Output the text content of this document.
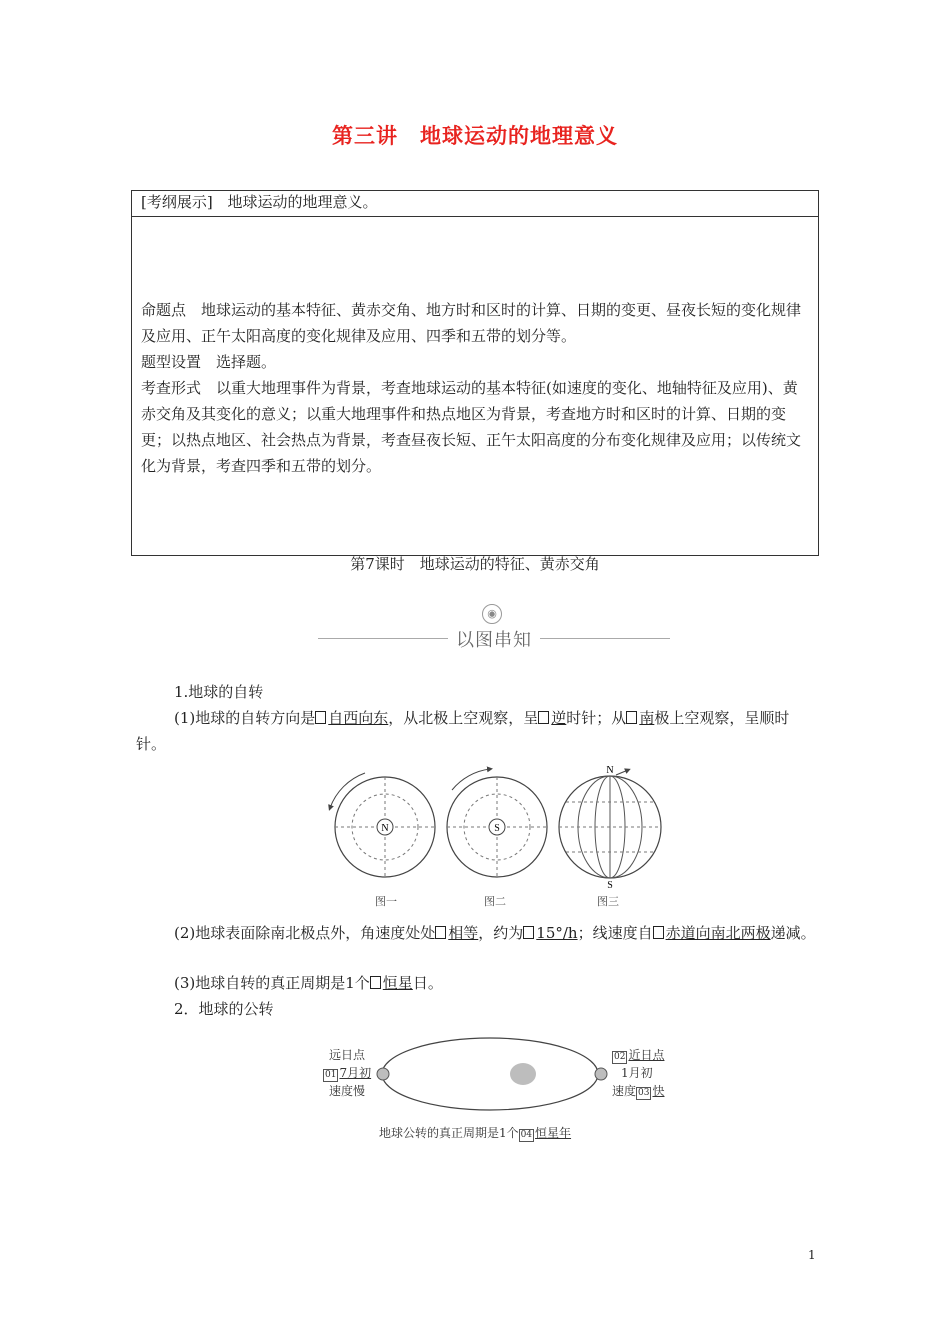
第三讲　地球运动的地理意义
[考纲展示] 地球运动的地理意义。

命题点　 地球运动的基本特征、黄赤交角、地方时和区时的计算、日期的变更、昼夜长短的变化规律及应用、正午太阳高度的变化规律及应用、四季和五带的划分等。

题型设置　 选择题。

考查形式　 以重大地理事件为背景，考查地球运动的基本特征(如速度的变化、地轴特征及应用)、黄赤交角及其变化的意义；以重大地理事件和热点地区为背景，考查地方时和区时的计算、日期的变更；以热点地区、社会热点为背景，考查昼夜长短、正午太阳高度的分布变化规律及应用；以传统文化为背景，考查四季和五带的划分。

第7课时　地球运动的特征、黄赤交角
◉
以图串知
1.地球的自转
(1)地球的自转方向是 自西向东，从北极上空观察，呈 逆时针；从 南极上空观察，呈顺时针。
N	S
N
S
图一	图二	图三
(2)地球表面除南北极点外，角速度处处 相等，约为 15°/h；线速度自 赤道向南北两极递减。
(3)地球自转的真正周期是1个 恒星日。
2．地球的公转
远日点
01 7月初
速度慢
02 近日点
1月初
速度 03 快
地球公转的真正周期是1个 04 恒星年
1
